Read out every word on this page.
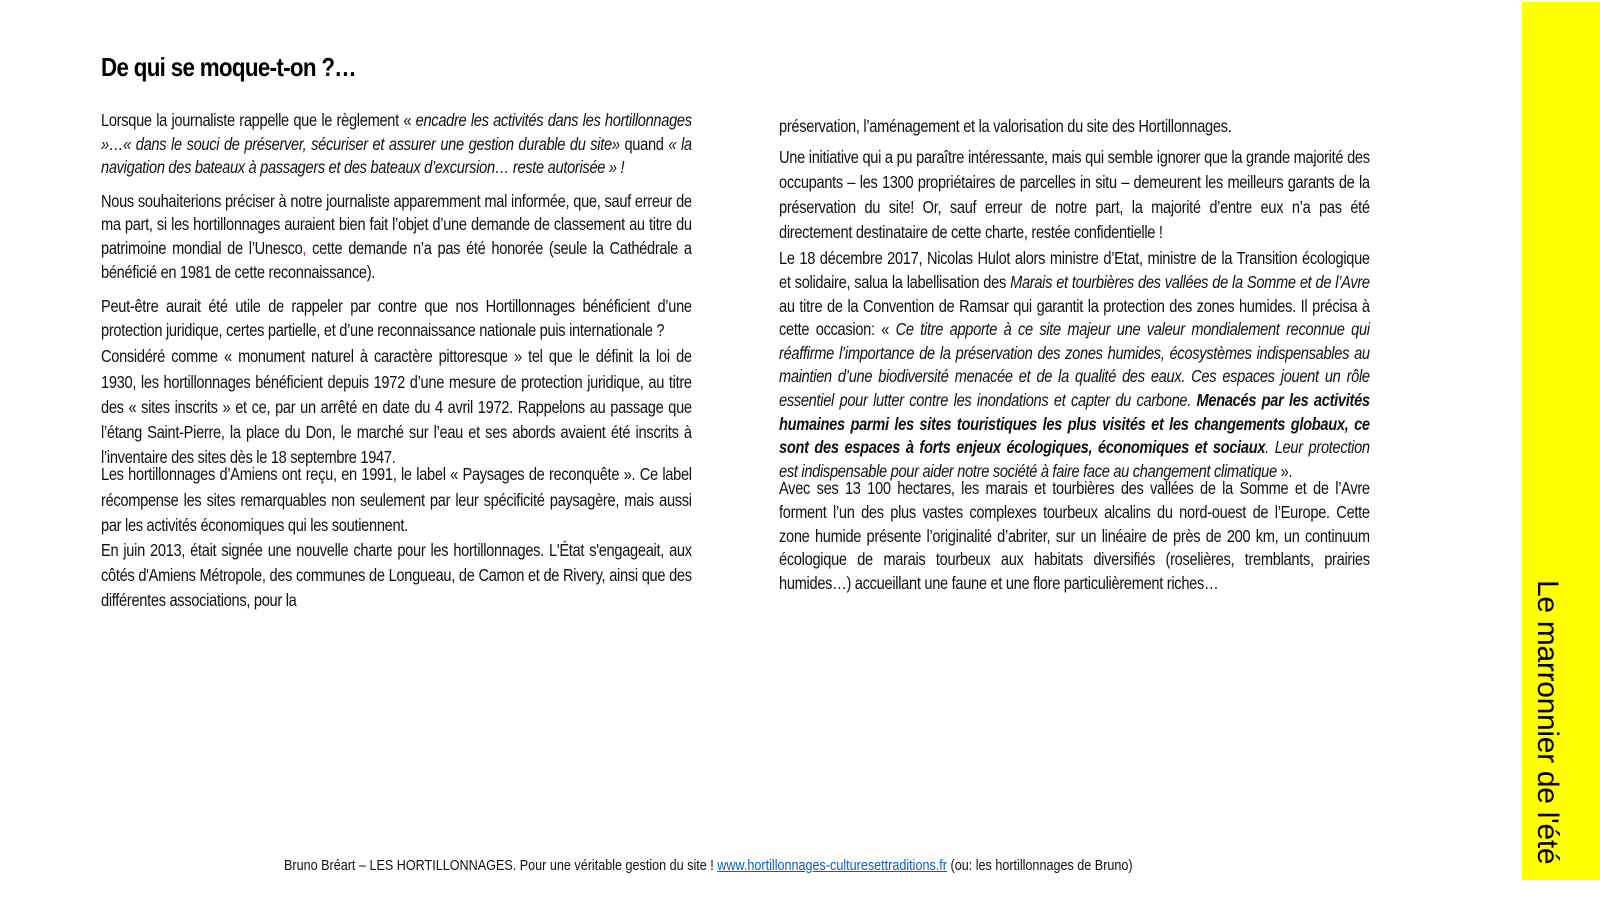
De qui se moque-t-on ?…

Lorsque la journaliste rappelle que le règlement « encadre les activités dans les hortillonnages »…« dans le souci de préserver, sécuriser et assurer une gestion durable du site» quand « la navigation des bateaux à passagers et des bateaux d’excursion… reste autorisée » !

Nous souhaiterions préciser à notre journaliste apparemment mal informée, que, sauf erreur de ma part, si les hortillonnages auraient bien fait l’objet d’une demande de classement au titre du patrimoine mondial de l’Unesco, cette demande n’a pas été honorée (seule la Cathédrale a bénéficié en 1981 de cette reconnaissance).

Peut-être aurait été utile de rappeler par contre que nos Hortillonnages bénéficient d’une protection juridique, certes partielle, et d’une reconnaissance nationale puis internationale ?

Considéré comme « monument naturel à caractère pittoresque » tel que le définit la loi de 1930, les hortillonnages bénéficient depuis 1972 d’une mesure de protection juridique, au titre des « sites inscrits » et ce, par un arrêté en date du 4 avril 1972. Rappelons au passage que l’étang Saint-Pierre, la place du Don, le marché sur l’eau et ses abords avaient été inscrits à l’inventaire des sites dès le 18 septembre 1947.

Les hortillonnages d’Amiens ont reçu, en 1991, le label « Paysages de reconquête ». Ce label récompense les sites remarquables non seulement par leur spécificité paysagère, mais aussi par les activités économiques qui les soutiennent.

En juin 2013, était signée une nouvelle charte pour les hortillonnages. L'État s'engageait, aux côtés d'Amiens Métropole, des communes de Longueau, de Camon et de Rivery, ainsi que des différentes associations, pour la

préservation, l’aménagement et la valorisation du site des Hortillonnages.

Une initiative qui a pu paraître intéressante, mais qui semble ignorer que la grande majorité des occupants – les 1300 propriétaires de parcelles in situ – demeurent les meilleurs garants de la préservation du site! Or, sauf erreur de notre part, la majorité d’entre eux n’a pas été directement destinataire de cette charte, restée confidentielle !

Le 18 décembre 2017, Nicolas Hulot alors ministre d’Etat, ministre de la Transition écologique et solidaire, salua la labellisation des Marais et tourbières des vallées de la Somme et de l’Avre au titre de la Convention de Ramsar qui garantit la protection des zones humides. Il précisa à cette occasion: « Ce titre apporte à ce site majeur une valeur mondialement reconnue qui réaffirme l’importance de la préservation des zones humides, écosystèmes indispensables au maintien d’une biodiversité menacée et de la qualité des eaux. Ces espaces jouent un rôle essentiel pour lutter contre les inondations et capter du carbone. Menacés par les activités humaines parmi les sites touristiques les plus visités et les changements globaux, ce sont des espaces à forts enjeux écologiques, économiques et sociaux. Leur protection est indispensable pour aider notre société à faire face au changement climatique ».

Avec ses 13 100 hectares, les marais et tourbières des vallées de la Somme et de l’Avre forment l’un des plus vastes complexes tourbeux alcalins du nord-ouest de l’Europe. Cette zone humide présente l’originalité d’abriter, sur un linéaire de près de 200 km, un continuum écologique de marais tourbeux aux habitats diversifiés (roselières, tremblants, prairies humides…) accueillant une faune et une flore particulièrement riches…

Bruno Bréart – LES HORTILLONNAGES. Pour une véritable gestion du site ! www.hortillonnages-culturesettraditions.fr (ou: les hortillonnages de Bruno)
Le marronnier de l'été
